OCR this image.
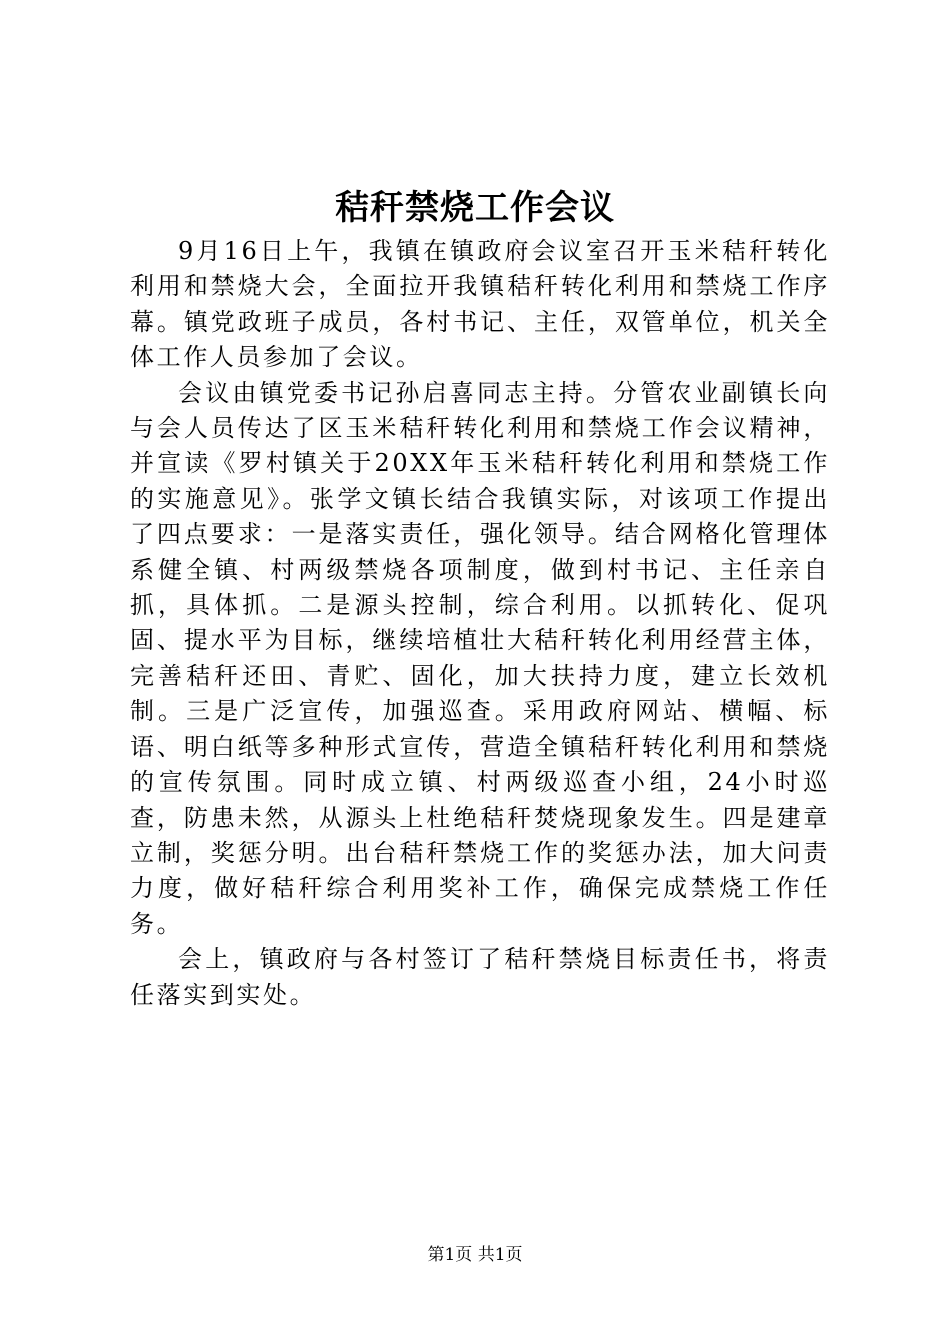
秸秆禁烧工作会议

9月16日上午，我镇在镇政府会议室召开玉米秸秆转化利用和禁烧大会，全面拉开我镇秸秆转化利用和禁烧工作序幕。镇党政班子成员，各村书记、主任，双管单位，机关全体工作人员参加了会议。

会议由镇党委书记孙启喜同志主持。分管农业副镇长向与会人员传达了区玉米秸秆转化利用和禁烧工作会议精神，并宣读《罗村镇关于20XX年玉米秸秆转化利用和禁烧工作的实施意见》。张学文镇长结合我镇实际，对该项工作提出了四点要求：一是落实责任，强化领导。结合网格化管理体系健全镇、村两级禁烧各项制度，做到村书记、主任亲自抓，具体抓。二是源头控制，综合利用。以抓转化、促巩固、提水平为目标，继续培植壮大秸秆转化利用经营主体，完善秸秆还田、青贮、固化，加大扶持力度，建立长效机制。三是广泛宣传，加强巡查。采用政府网站、横幅、标语、明白纸等多种形式宣传，营造全镇秸秆转化利用和禁烧的宣传氛围。同时成立镇、村两级巡查小组，24小时巡查，防患未然，从源头上杜绝秸秆焚烧现象发生。四是建章立制，奖惩分明。出台秸秆禁烧工作的奖惩办法，加大问责力度，做好秸秆综合利用奖补工作，确保完成禁烧工作任务。

会上，镇政府与各村签订了秸秆禁烧目标责任书，将责任落实到实处。

第1页 共1页
